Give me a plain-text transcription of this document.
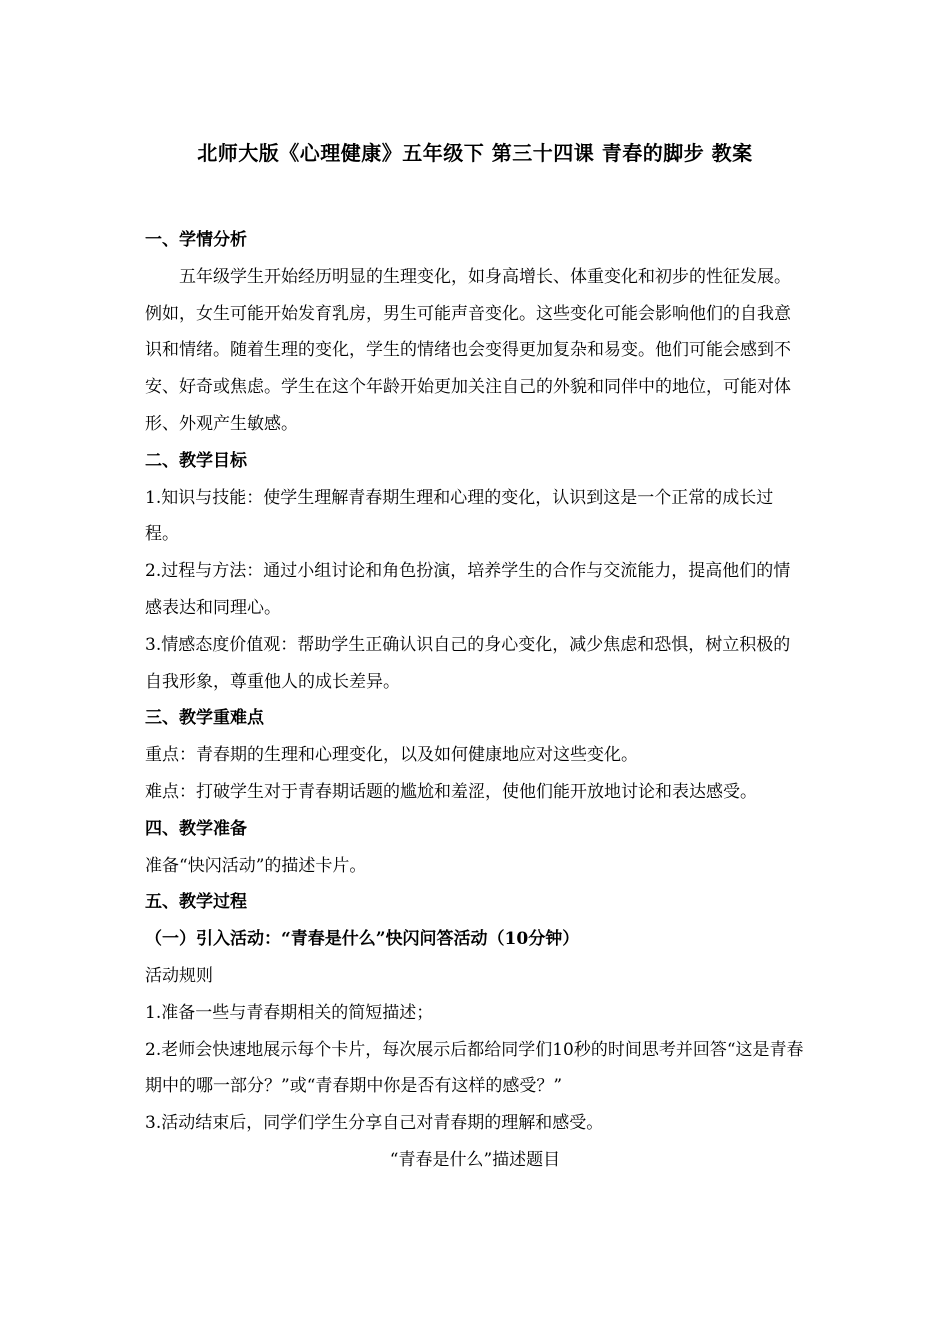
北师大版《心理健康》五年级下 第三十四课 青春的脚步 教案

一、学情分析

五年级学生开始经历明显的生理变化，如身高增长、体重变化和初步的性征发展。例如，女生可能开始发育乳房，男生可能声音变化。这些变化可能会影响他们的自我意识和情绪。随着生理的变化，学生的情绪也会变得更加复杂和易变。他们可能会感到不安、好奇或焦虑。学生在这个年龄开始更加关注自己的外貌和同伴中的地位，可能对体形、外观产生敏感。

二、教学目标

1.知识与技能：使学生理解青春期生理和心理的变化，认识到这是一个正常的成长过程。

2.过程与方法：通过小组讨论和角色扮演，培养学生的合作与交流能力，提高他们的情感表达和同理心。

3.情感态度价值观：帮助学生正确认识自己的身心变化，减少焦虑和恐惧，树立积极的自我形象，尊重他人的成长差异。

三、教学重难点

重点：青春期的生理和心理变化，以及如何健康地应对这些变化。

难点：打破学生对于青春期话题的尴尬和羞涩，使他们能开放地讨论和表达感受。

四、教学准备

准备“快闪活动”的描述卡片。

五、教学过程

（一）引入活动：“青春是什么”快闪问答活动（10分钟）

活动规则

1.准备一些与青春期相关的简短描述；

2.老师会快速地展示每个卡片，每次展示后都给同学们10秒的时间思考并回答“这是青春期中的哪一部分？”或“青春期中你是否有这样的感受？”

3.活动结束后，同学们学生分享自己对青春期的理解和感受。

“青春是什么”描述题目
